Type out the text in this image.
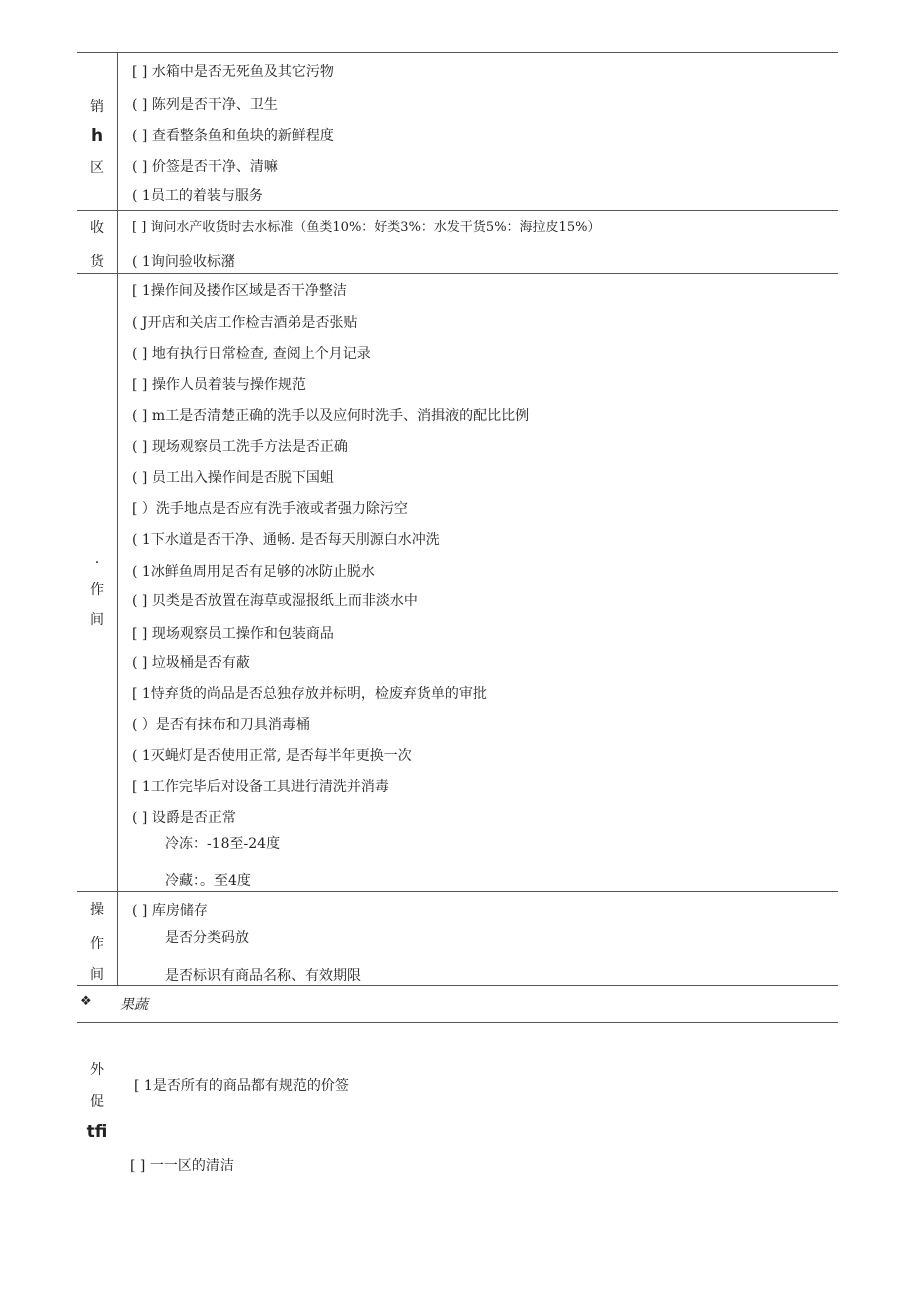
销
h
区
[ ] 水箱中是否无死鱼及其它污物
( ] 陈列是否干净、卫生
( ] 查看整条鱼和鱼块的新鲜程度
( ] 价签是否干净、清嘛
( 1员工的着装与服务
收
货
[ ] 询问水产收货时去水标准（鱼类10%：好类3%：水发干货5%：海拉皮15%）
( 1询问验收标潴
·
作
间
[ 1操作间及搂作区域是否干净整洁
( J开店和关店工作检吉酒弟是否张贴
( ] 地有执行日常检查, 查阅上个月记录
[ ] 操作人员着装与操作规范
( ] m工是否清楚正确的洗手以及应何时洗手、消揖液的配比比例
( ] 现场观察员工洗手方法是否正确
( ] 员工出入操作间是否脱下国蛆
[ ）洗手地点是否应有洗手液或者强力除污空
( 1下水道是否干净、通畅. 是否每天刖源白水冲洗
( 1冰鲜鱼周用足否有足够的冰防止脱水
( ] 贝类是否放置在海草或湿报纸上而非淡水中
[ ] 现场观察员工操作和包装商品
( ] 垃圾桶是否有蔽
[ 1恃弃货的尚品是否总独存放并标明，检废弃货单的审批
( ）是否有抹布和刀具消毒桶
( 1灭蝇灯是否使用正常, 是否每半年更换一次
[ 1工作完毕后对设备工具进行清洗并消毒
( ] 设爵是否正常
冷冻：-18至-24度
冷藏：。至4度
操
作
间
( ] 库房储存
是否分类码放
是否标识有商品名称、有效期限
❖ 果蔬
外
促
tfi
[ 1是否所有的商品都有规范的价签
[ ] 一一区的清洁
